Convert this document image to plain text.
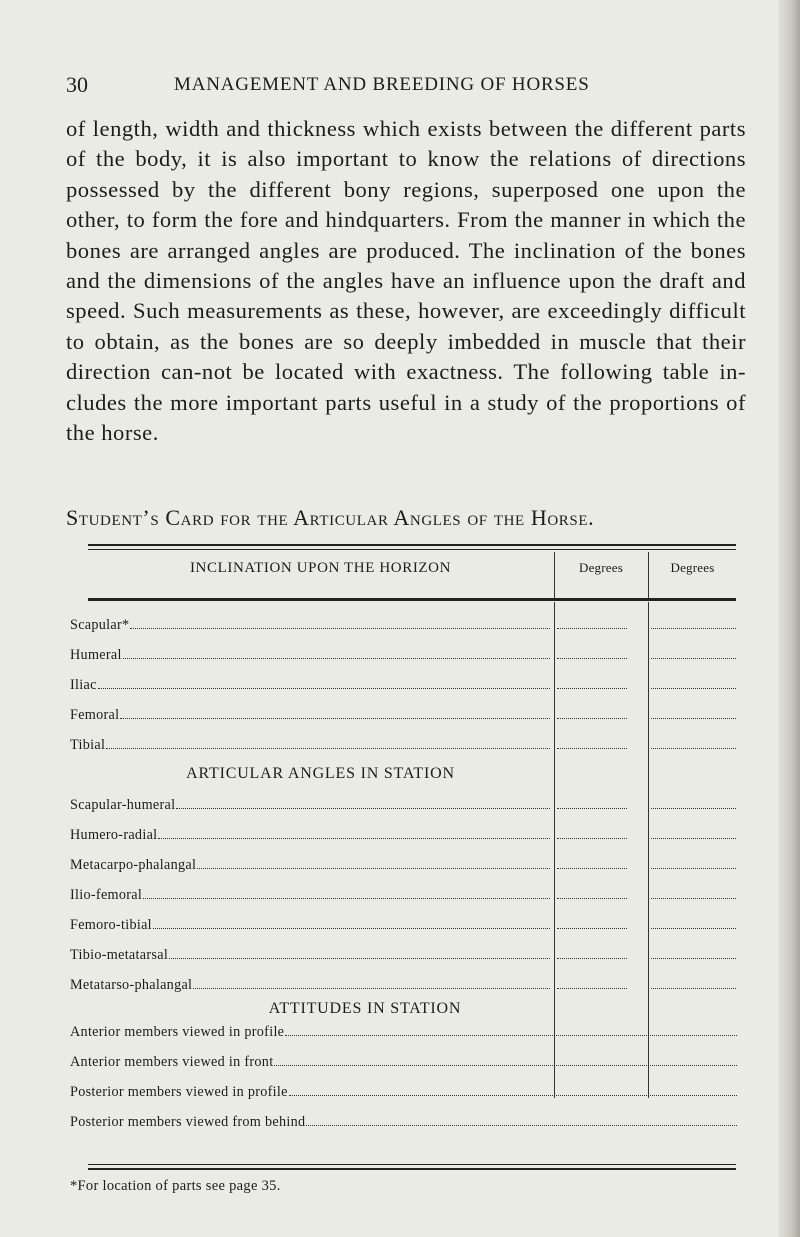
30	MANAGEMENT AND BREEDING OF HORSES
of length, width and thickness which exists between the different parts of the body, it is also important to know the relations of directions possessed by the different bony regions, superposed one upon the other, to form the fore and hindquarters. From the manner in which the bones are arranged angles are produced. The inclination of the bones and the dimensions of the angles have an influence upon the draft and speed. Such measurements as these, however, are exceedingly difficult to obtain, as the bones are so deeply imbedded in muscle that their direction can-not be located with exactness. The following table in-cludes the more important parts useful in a study of the proportions of the horse.
Student’s Card for the Articular Angles of the Horse.
INCLINATION UPON THE HORIZON	Degrees	Degrees
Scapular*
Humeral
Iliac
Femoral
Tibial
ARTICULAR ANGLES IN STATION
Scapular-humeral
Humero-radial
Metacarpo-phalangal
Ilio-femoral
Femoro-tibial
Tibio-metatarsal
Metatarso-phalangal
ATTITUDES IN STATION
Anterior members viewed in profile
Anterior members viewed in front
Posterior members viewed in profile
Posterior members viewed from behind
*For location of parts see page 35.
